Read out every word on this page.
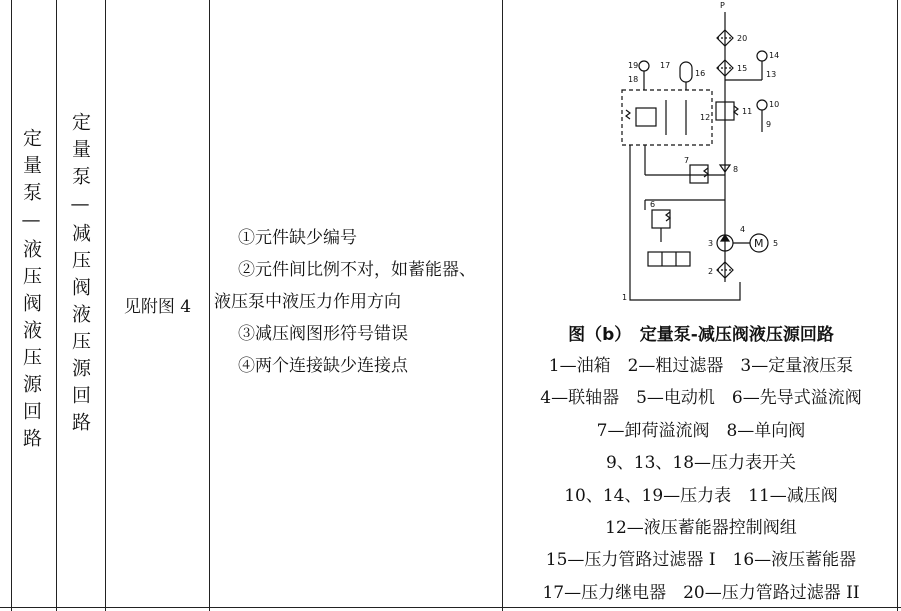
定量泵—液压阀液压源回路 定量泵—减压阀液压源回路	见附图 4
①元件缺少编号
②元件间比例不对，如蓄能器、
液压泵中液压力作用方向
③减压阀图形符号错误
④两个连接缺少连接点
P
20
15
14
13
10
9
11
12
19
18
17
16
7
8
6
3
4
5
2
1
M
图（b）　定量泵-减压阀液压源回路
1—油箱　2—粗过滤器　3—定量液压泵
4—联轴器　5—电动机　6—先导式溢流阀
7—卸荷溢流阀　8—单向阀
9、13、18—压力表开关
10、14、19—压力表　11—减压阀
12—液压蓄能器控制阀组
15—压力管路过滤器 I　16—液压蓄能器
17—压力继电器　20—压力管路过滤器 II
